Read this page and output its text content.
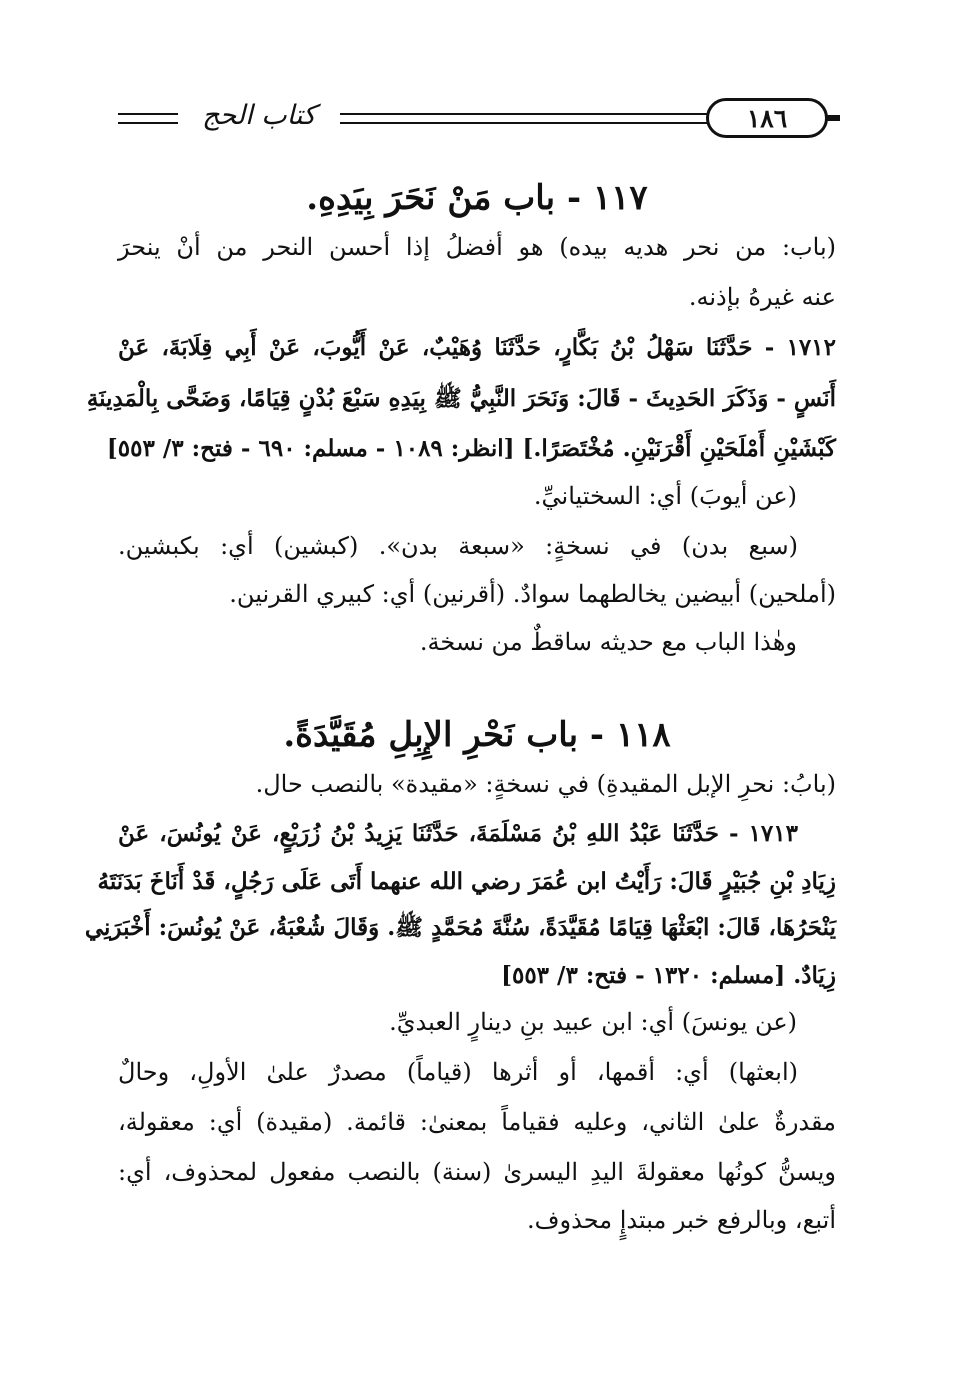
كتاب الحج	١٨٦
١١٧ - باب مَنْ نَحَرَ بِيَدِهِ.
(باب: من نحر هديه بيده) هو أفضلُ إذا أحسن النحر من أنْ ينحرَ
عنه غيرهُ بإذنه.
١٧١٢ - حَدَّثَنَا سَهْلُ بْنُ بَكَّارٍ، حَدَّثَنَا وُهَيْبٌ، عَنْ أَيُّوبَ، عَنْ أَبِي قِلَابَةَ، عَنْ
أَنَسٍ - وَذَكَرَ الحَدِيثَ - قَالَ: وَنَحَرَ النَّبِيُّ ﷺ بِيَدِهِ سَبْعَ بُدْنٍ قِيَامًا، وَضَحَّى بِالْمَدِينَةِ
كَبْشَيْنِ أَمْلَحَيْنِ أَقْرَنَيْنِ. مُخْتَصَرًا.] [انظر: ١٠٨٩ - مسلم: ٦٩٠ - فتح: ٣/ ٥٥٣]
(عن أيوبَ) أي: السختيانيِّ.
(سبع بدن) في نسخةٍ: «سبعة بدن». (كبشين) أي: بكبشين.
(أملحين) أبيضين يخالطهما سوادٌ. (أقرنين) أي: كبيري القرنين.
وهٰذا الباب مع حديثه ساقطٌ من نسخة.
١١٨ - باب نَحْرِ الإِبِلِ مُقَيَّدَةً.
(بابُ: نحرِ الإبل المقيدةِ) في نسخةٍ: «مقيدة» بالنصب حال.
١٧١٣ - حَدَّثَنَا عَبْدُ اللهِ بْنُ مَسْلَمَةَ، حَدَّثَنَا يَزِيدُ بْنُ زُرَيْعٍ، عَنْ يُونُسَ، عَنْ
زِيَادِ بْنِ جُبَيْرٍ قَالَ: رَأَيْتُ ابن عُمَرَ رضي الله عنهما أَتَى عَلَى رَجُلٍ، قَدْ أَنَاخَ بَدَنَتَهُ
يَنْحَرُهَا، قَالَ: ابْعَثْهَا قِيَامًا مُقَيَّدَةً، سُنَّةَ مُحَمَّدٍ ﷺ. وَقَالَ شُعْبَةُ، عَنْ يُونُسَ: أَخْبَرَنِي
زِيَادٌ. [مسلم: ١٣٢٠ - فتح: ٣/ ٥٥٣]
(عن يونسَ) أي: ابن عبيد بنِ دينارٍ العبديِّ.
(ابعثها) أي: أقمها، أو أثرها (قياماً) مصدرٌ علىٰ الأولِ، وحالٌ
مقدرةٌ علىٰ الثاني، وعليه فقياماً بمعنىٰ: قائمة. (مقيدة) أي: معقولة،
ويسنُّ كونُها معقولةَ اليدِ اليسرىٰ (سنة) بالنصب مفعول لمحذوف، أي:
أتبع، وبالرفع خبر مبتدإٍ محذوف.
